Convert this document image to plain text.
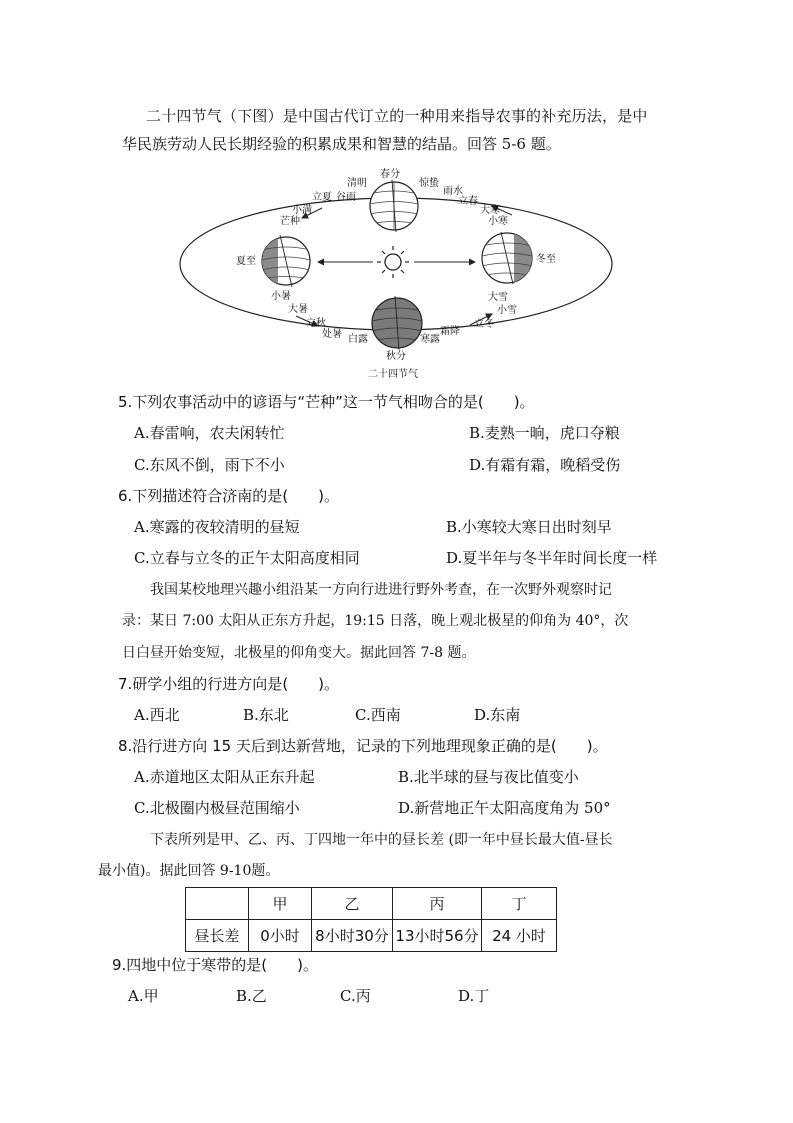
二十四节气（下图）是中国古代订立的一种用来指导农事的补充历法，是中
华民族劳动人民长期经验的积累成果和智慧的结晶。回答 5-6 题。
春分
清明	惊蛰
雨水
立夏 谷雨	立春
大寒
小满
小寒
芒种
夏至	冬至
小暑	大雪
大暑	小雪
立秋	立冬
霜降
处暑 白露	寒露
秋分
二十四节气
5.下列农事活动中的谚语与“芒种”这一节气相吻合的是(　　)。
A.春雷响，农夫闲转忙	B.麦熟一晌，虎口夺粮
C.东风不倒，雨下不小	D.有霜有霜，晚稻受伤
6.下列描述符合济南的是(　　)。
A.寒露的夜较清明的昼短	B.小寒较大寒日出时刻早
C.立春与立冬的正午太阳高度相同	D.夏半年与冬半年时间长度一样
我国某校地理兴趣小组沿某一方向行进进行野外考查，在一次野外观察时记
录：某日 7:00 太阳从正东方升起，19:15 日落，晚上观北极星的仰角为 40°，次
日白昼开始变短，北极星的仰角变大。据此回答 7-8 题。
7.研学小组的行进方向是(　　)。
A.西北	B.东北	C.西南	D.东南
8.沿行进方向 15 天后到达新营地，记录的下列地理现象正确的是(　　)。
A.赤道地区太阳从正东升起	B.北半球的昼与夜比值变小
C.北极圈内极昼范围缩小	D.新营地正午太阳高度角为 50°
下表所列是甲、乙、丙、丁四地一年中的昼长差 (即一年中昼长最大值-昼长
最小值)。据此回答 9-10题。
	甲	乙	丙	丁
昼长差	0小时	8小时30分	13小时56分	24 小时
9.四地中位于寒带的是(　　)。
A.甲	B.乙	C.丙	D.丁
